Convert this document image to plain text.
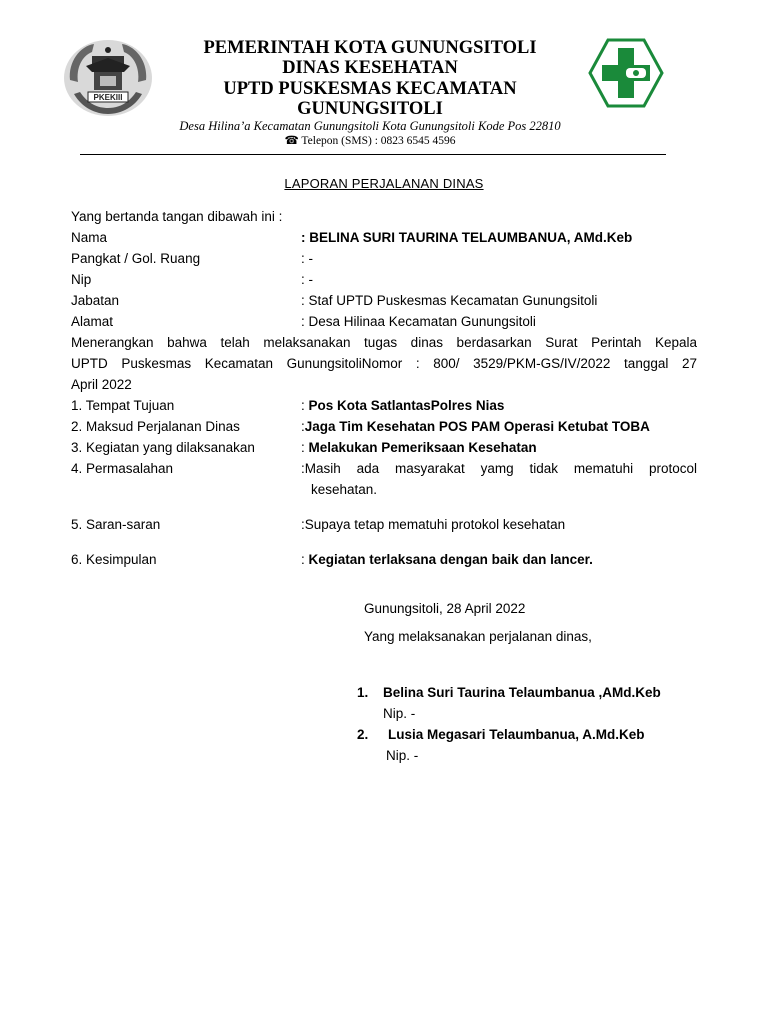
PKEKIII
PEMERINTAH KOTA GUNUNGSITOLI
DINAS KESEHATAN
UPTD PUSKESMAS KECAMATAN
GUNUNGSITOLI
Desa Hilina’a Kecamatan Gunungsitoli Kota Gunungsitoli Kode Pos 22810
☎ Telepon (SMS) : 0823 6545 4596
LAPORAN PERJALANAN DINAS
Yang bertanda tangan dibawah ini :
Nama	: BELINA SURI TAURINA TELAUMBANUA, AMd.Keb
Pangkat / Gol. Ruang	: -
Nip	: -
Jabatan	: Staf UPTD Puskesmas Kecamatan Gunungsitoli
Alamat	: Desa Hilinaa Kecamatan Gunungsitoli
Menerangkan bahwa telah melaksanakan tugas dinas berdasarkan Surat Perintah Kepala
UPTD Puskesmas Kecamatan GunungsitoliNomor : 800/ 3529/PKM-GS/IV/2022 tanggal 27
April 2022
1. Tempat Tujuan	: Pos Kota SatlantasPolres Nias
2. Maksud Perjalanan Dinas	:Jaga Tim Kesehatan POS PAM Operasi Ketubat TOBA
3. Kegiatan yang dilaksanakan	: Melakukan Pemeriksaan Kesehatan
4. Permasalahan	:Masih ada masyarakat yamg tidak mematuhi protocol
kesehatan.
5. Saran-saran	:Supaya tetap mematuhi protokol kesehatan
6. Kesimpulan	: Kegiatan terlaksana dengan baik dan lancer.
Gunungsitoli, 28 April 2022
Yang melaksanakan perjalanan dinas,
1. Belina Suri Taurina Telaumbanua ,AMd.Keb
Nip. -
2. Lusia Megasari Telaumbanua, A.Md.Keb
Nip. -
